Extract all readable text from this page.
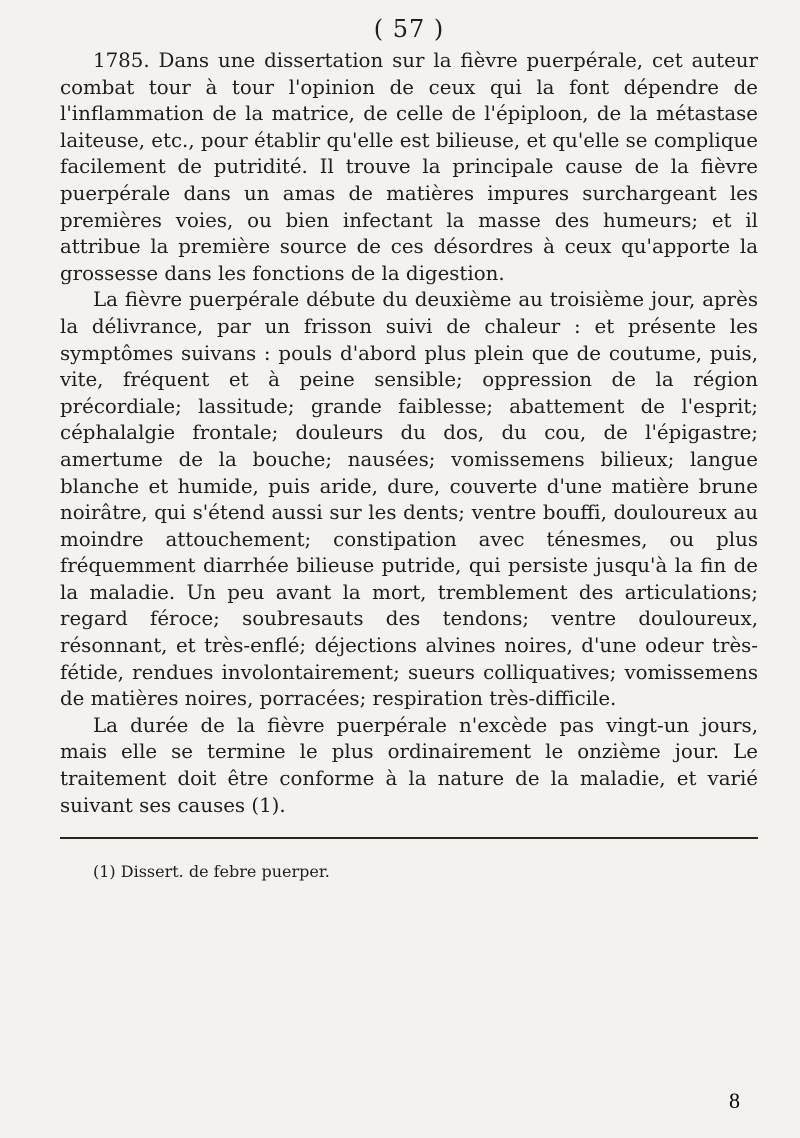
( 57 )

1785. Dans une dissertation sur la fièvre puerpérale, cet auteur combat tour à tour l'opinion de ceux qui la font dépendre de l'inflammation de la matrice, de celle de l'épiploon, de la métastase laiteuse, etc., pour établir qu'elle est bilieuse, et qu'elle se complique facilement de putridité. Il trouve la principale cause de la fièvre puerpérale dans un amas de matières impures surchargeant les premières voies, ou bien infectant la masse des humeurs; et il attribue la première source de ces désordres à ceux qu'apporte la grossesse dans les fonctions de la digestion.

La fièvre puerpérale débute du deuxième au troisième jour, après la délivrance, par un frisson suivi de chaleur : et présente les symptômes suivans : pouls d'abord plus plein que de coutume, puis, vite, fréquent et à peine sensible; oppression de la région précordiale; lassitude; grande faiblesse; abattement de l'esprit; céphalalgie frontale; douleurs du dos, du cou, de l'épigastre; amertume de la bouche; nausées; vomissemens bilieux; langue blanche et humide, puis aride, dure, couverte d'une matière brune noirâtre, qui s'étend aussi sur les dents; ventre bouffi, douloureux au moindre attouchement; constipation avec ténesmes, ou plus fréquemment diarrhée bilieuse putride, qui persiste jusqu'à la fin de la maladie. Un peu avant la mort, tremblement des articulations; regard féroce; soubresauts des tendons; ventre douloureux, résonnant, et très-enflé; déjections alvines noires, d'une odeur très-fétide, rendues involontairement; sueurs colliquatives; vomissemens de matières noires, porracées; respiration très-difficile.

La durée de la fièvre puerpérale n'excède pas vingt-un jours, mais elle se termine le plus ordinairement le onzième jour. Le traitement doit être conforme à la nature de la maladie, et varié suivant ses causes (1).

(1) Dissert. de febre puerper.
8
